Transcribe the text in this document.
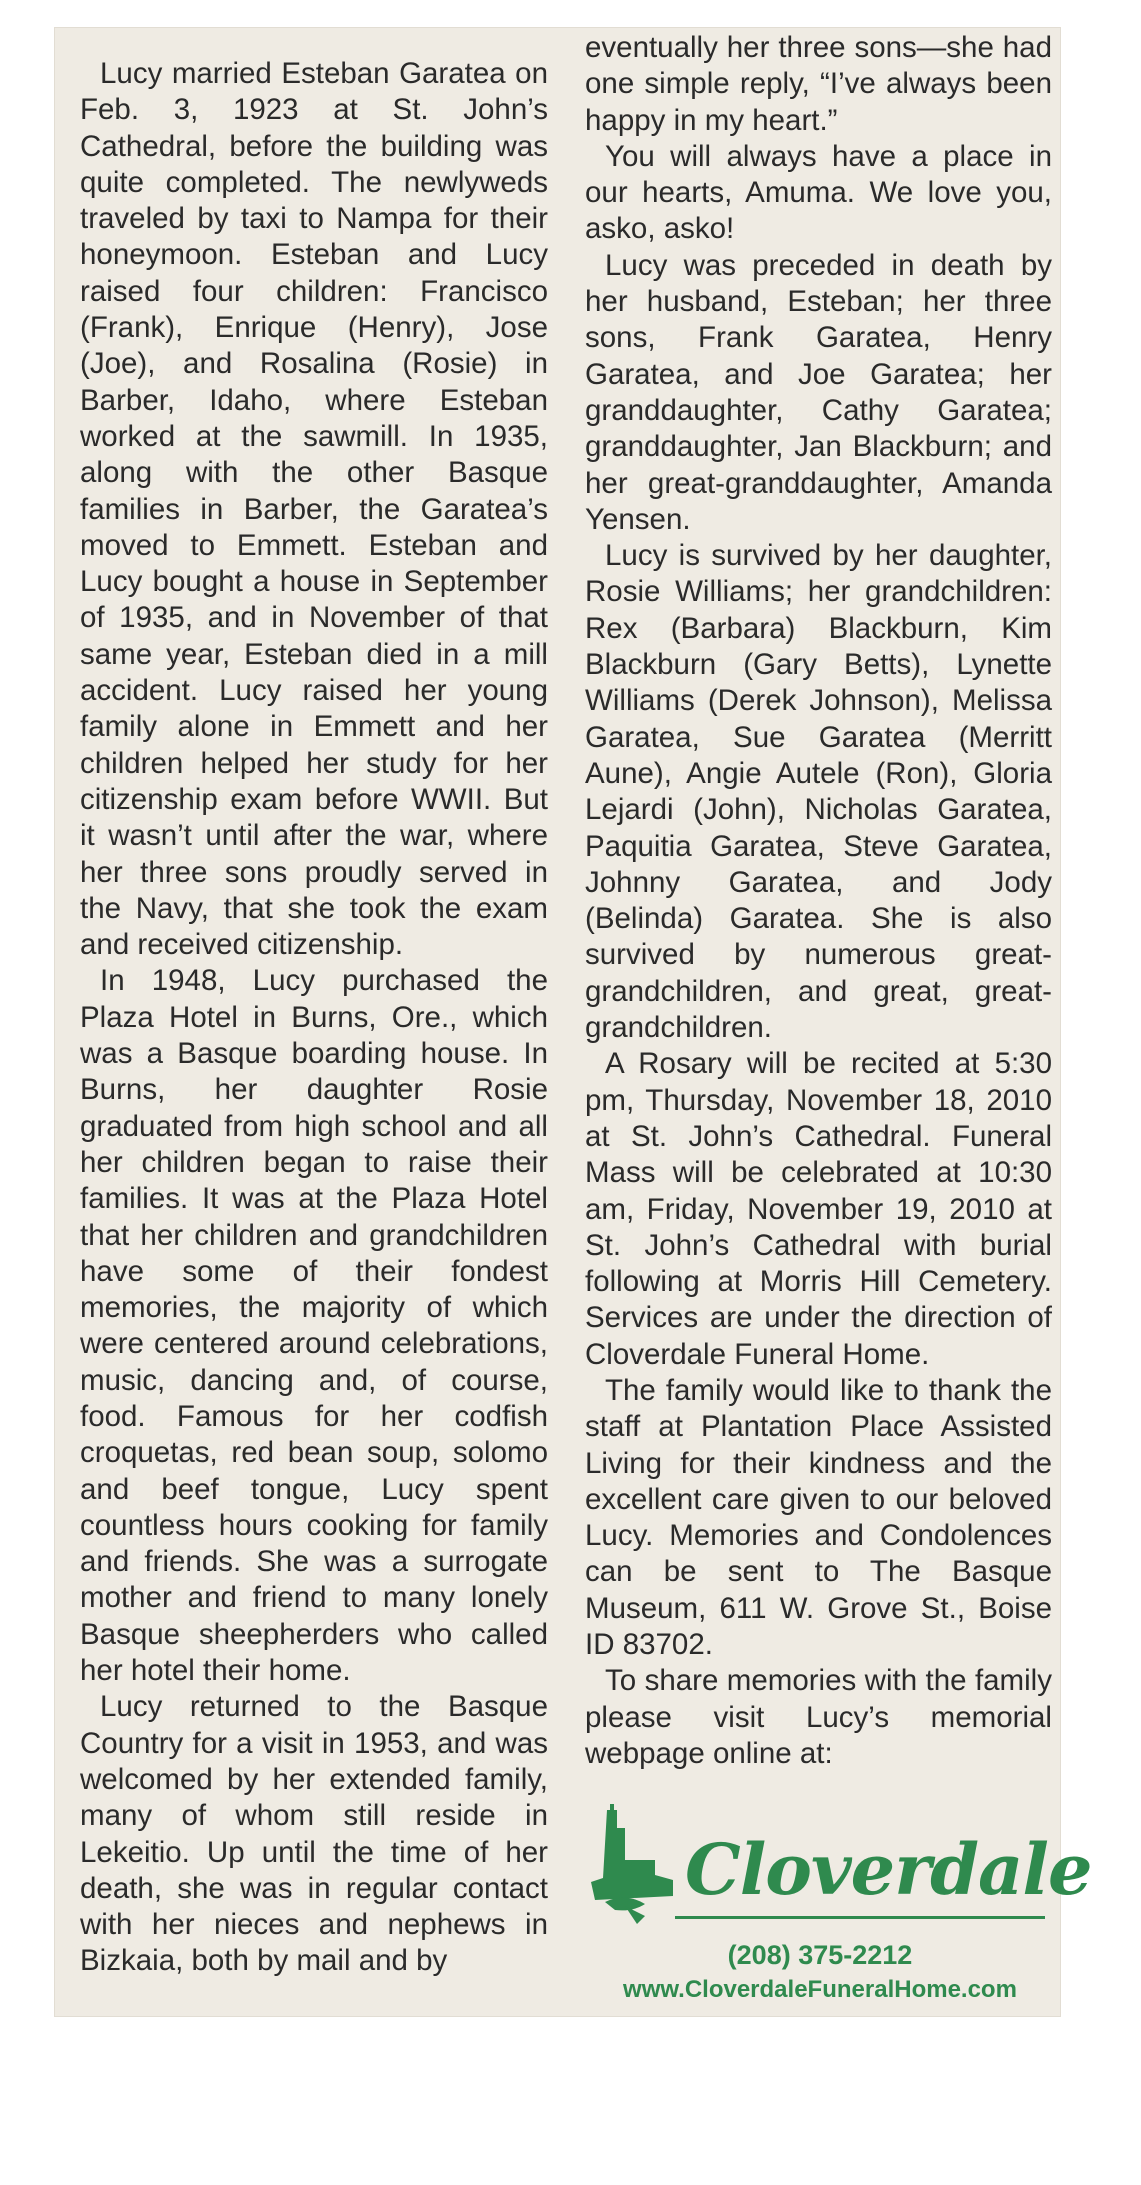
Lucy married Esteban Garatea on Feb. 3, 1923 at St. John’s Cathedral, before the building was quite completed. The newlyweds traveled by taxi to Nampa for their honeymoon. Esteban and Lucy raised four children: Francisco (Frank), Enrique (Henry), Jose (Joe), and Rosalina (Rosie) in Barber, Idaho, where Esteban worked at the sawmill. In 1935, along with the other Basque families in Barber, the Garatea’s moved to Emmett. Esteban and Lucy bought a house in September of 1935, and in November of that same year, Esteban died in a mill accident. Lucy raised her young family alone in Emmett and her children helped her study for her citizenship exam before WWII. But it wasn’t until after the war, where her three sons proudly served in the Navy, that she took the exam and received citizenship.

In 1948, Lucy purchased the Plaza Hotel in Burns, Ore., which was a Basque boarding house. In Burns, her daughter Rosie graduated from high school and all her children began to raise their families. It was at the Plaza Hotel that her children and grandchildren have some of their fondest memories, the majority of which were centered around celebrations, music, dancing and, of course, food. Famous for her codfish croquetas, red bean soup, solomo and beef tongue, Lucy spent countless hours cooking for family and friends. She was a surrogate mother and friend to many lonely Basque sheepherders who called her hotel their home.

Lucy returned to the Basque Country for a visit in 1953, and was welcomed by her extended family, many of whom still reside in Lekeitio. Up until the time of her death, she was in regular contact with her nieces and nephews in Bizkaia, both by mail and by

eventually her three sons—she had one simple reply, “I’ve always been happy in my heart.”

You will always have a place in our hearts, Amuma. We love you, asko, asko!

Lucy was preceded in death by her husband, Esteban; her three sons, Frank Garatea, Henry Garatea, and Joe Garatea; her granddaughter, Cathy Garatea; granddaughter, Jan Blackburn; and her great-granddaughter, Amanda Yensen.

Lucy is survived by her daughter, Rosie Williams; her grandchildren: Rex (Barbara) Blackburn, Kim Blackburn (Gary Betts), Lynette Williams (Derek Johnson), Melissa Garatea, Sue Garatea (Merritt Aune), Angie Autele (Ron), Gloria Lejardi (John), Nicholas Garatea, Paquitia Garatea, Steve Garatea, Johnny Garatea, and Jody (Belinda) Garatea. She is also survived by numerous great-grandchildren, and great, great-grandchildren.

A Rosary will be recited at 5:30 pm, Thursday, November 18, 2010 at St. John’s Cathedral. Funeral Mass will be celebrated at 10:30 am, Friday, November 19, 2010 at St. John’s Cathedral with burial following at Morris Hill Cemetery. Services are under the direction of Cloverdale Funeral Home.

The family would like to thank the staff at Plantation Place Assisted Living for their kindness and the excellent care given to our beloved Lucy. Memories and Condolences can be sent to The Basque Museum, 611 W. Grove St., Boise ID 83702.

To share memories with the family please visit Lucy’s memorial webpage online at:

Cloverdale
(208) 375-2212
www.CloverdaleFuneralHome.com
